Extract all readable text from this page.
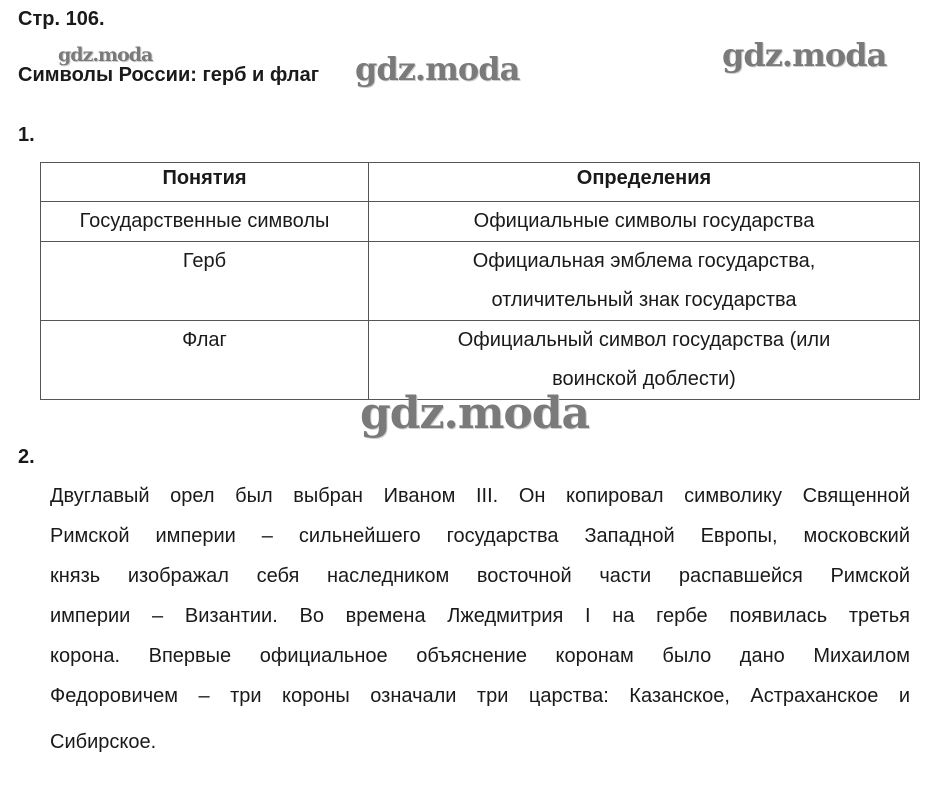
Стр. 106.
Символы России: герб и флаг
1.
Понятия	Определения
Государственные символы	Официальные символы государства

Герб	Официальная эмблема государства,
отличительный знак государства

Флаг	Официальный символ государства (или
воинской доблести)
2.
Двуглавый орел был выбран Иваном III. Он копировал символику Священной
Римской империи – сильнейшего государства Западной Европы, московский
князь изображал себя наследником восточной части распавшейся Римской
империи – Византии. Во времена Лжедмитрия I на гербе появилась третья
корона. Впервые официальное объяснение коронам было дано Михаилом
Федоровичем – три короны означали три царства: Казанское, Астраханское и
Сибирское.
gdz.moda	gdz.moda	gdz.moda
gdz.moda
